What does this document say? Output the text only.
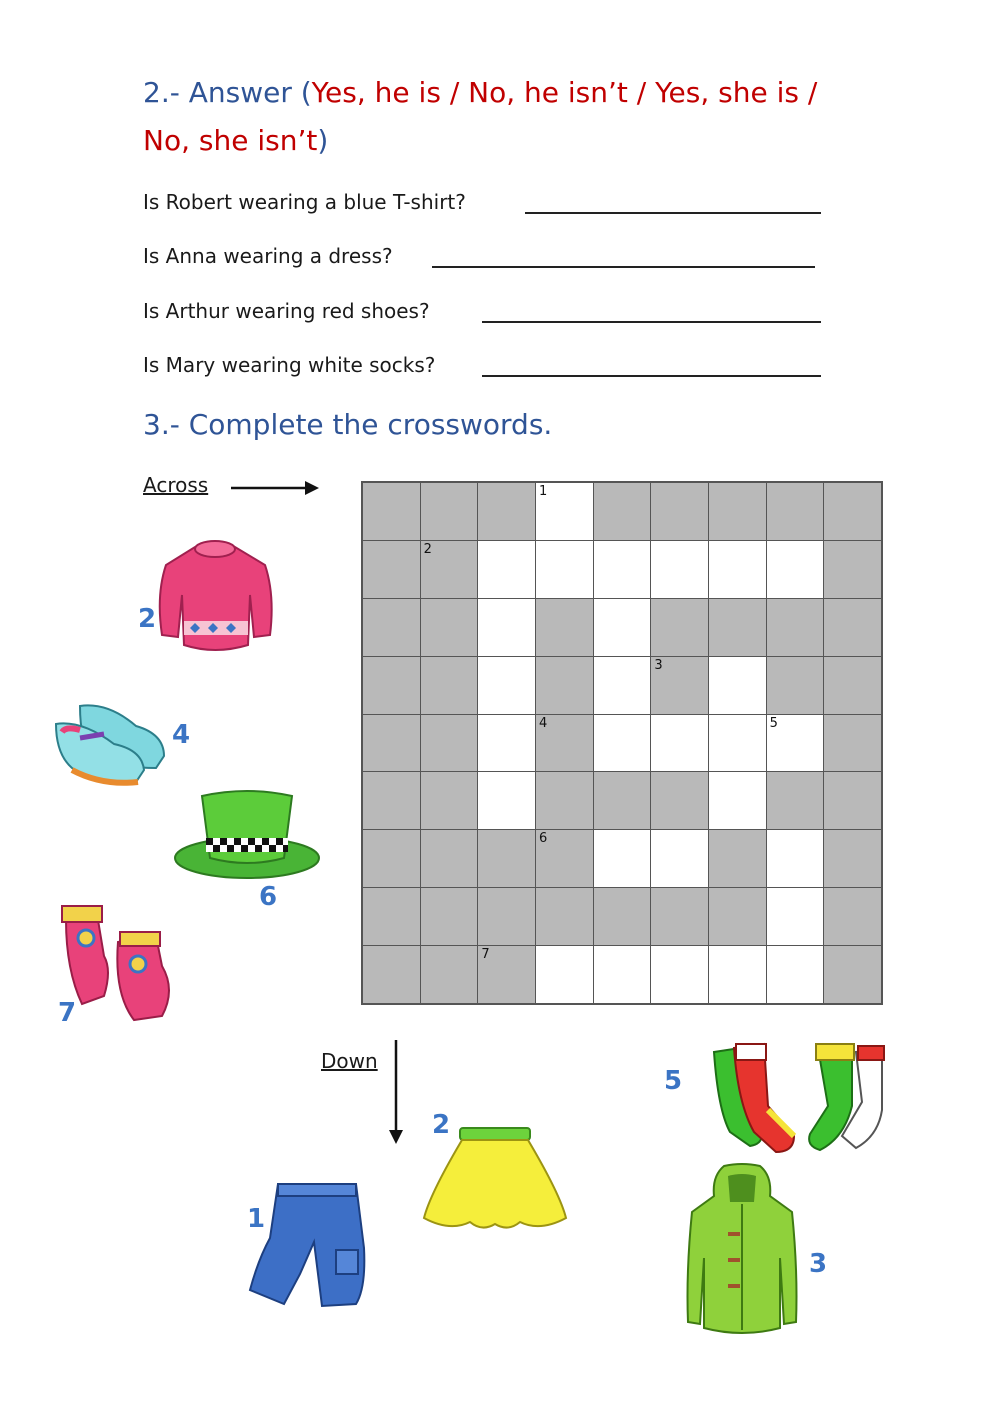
2.- Answer (Yes, he is / No, he isn’t / Yes, she is /
No, she isn’t)
Is Robert wearing a blue T-shirt?
Is Anna wearing a dress?
Is Arthur wearing red shoes?
Is Mary wearing white socks?
3.- Complete the crosswords.
Across	1
2
3
4	5
6
7
2
4
6
7
Down
1
2
3
5
